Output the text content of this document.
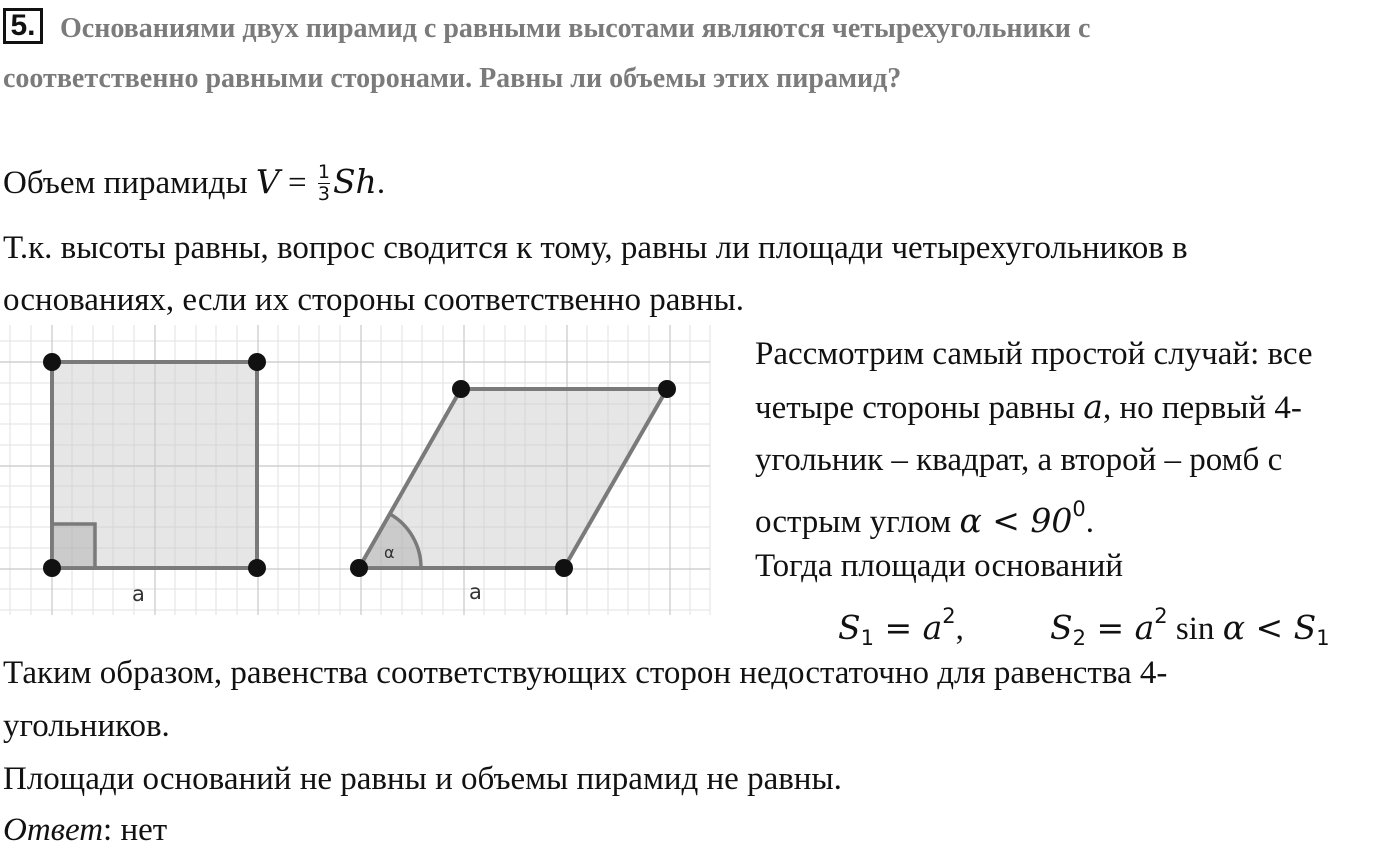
5. Основаниями двух пирамид с равными высотами являются четырехугольники с
соответственно равными сторонами. Равны ли объемы этих пирамид?
Объем пирамиды $V = \frac{1}{3} Sh$.
Т.к. высоты равны, вопрос сводится к тому, равны ли площади четырехугольников в
основаниях, если их стороны соответственно равны.
a	a
α
Рассмотрим самый простой случай: все
четыре стороны равны a, но первый 4-
угольник – квадрат, а второй – ромб с
острым углом $\alpha < 90^0$.
Тогда площади оснований
$S_1 = a^2$,	$S_2 = a^2$ $\sin \alpha < S_1$
Таким образом, равенства соответствующих сторон недостаточно для равенства 4-
угольников.
Площади оснований не равны и объемы пирамид не равны.
Ответ: нет
